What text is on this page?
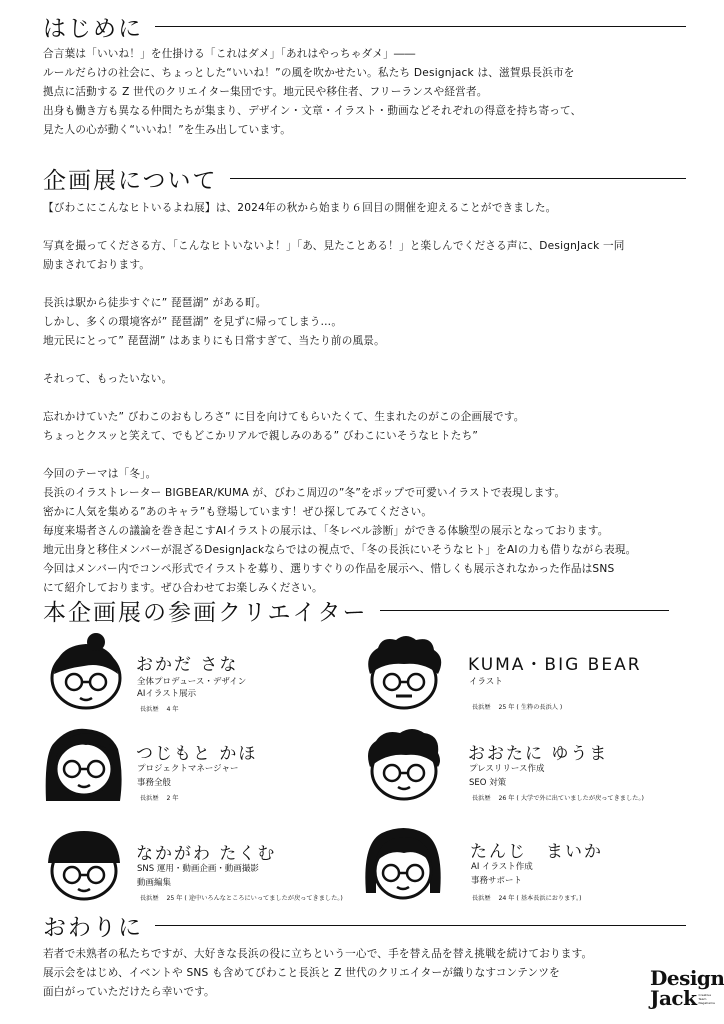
はじめに
合言葉は「いいね！」を仕掛ける「これはダメ」「あれはやっちゃダメ」――
ルールだらけの社会に、ちょっとした“いいね！”の風を吹かせたい。私たち Designjack は、滋賀県長浜市を
拠点に活動する Z 世代のクリエイター集団です。地元民や移住者、フリーランスや経営者。
出身も働き方も異なる仲間たちが集まり、デザイン・文章・イラスト・動画などそれぞれの得意を持ち寄って、
見た人の心が動く“いいね！”を生み出しています。
企画展について
【びわこにこんなヒトいるよね展】は、2024年の秋から始まり６回目の開催を迎えることができました。
写真を撮ってくださる方、「こんなヒトいないよ！」「あ、見たことある！」と楽しんでくださる声に、DesignJack 一同
励まされております。
長浜は駅から徒歩すぐに” 琵琶湖” がある町。
しかし、多くの環境客が” 琵琶湖” を見ずに帰ってしまう…。
地元民にとって” 琵琶湖” はあまりにも日常すぎて、当たり前の風景。
それって、もったいない。
忘れかけていた” びわこのおもしろさ” に目を向けてもらいたくて、生まれたのがこの企画展です。
ちょっとクスッと笑えて、でもどこかリアルで親しみのある” びわこにいそうなヒトたち”
今回のテーマは「冬」。
長浜のイラストレーター BIGBEAR/KUMA が、びわこ周辺の”冬”をポップで可愛いイラストで表現します。
密かに人気を集める”あのキャラ”も登場しています！ぜひ探してみてください。
毎度来場者さんの議論を巻き起こすAIイラストの展示は、「冬レベル診断」ができる体験型の展示となっております。
地元出身と移住メンバーが混ざるDesignJackならではの視点で、「冬の長浜にいそうなヒト」をAIの力も借りながら表現。
今回はメンバー内でコンペ形式でイラストを募り、選りすぐりの作品を展示へ、惜しくも展示されなかった作品はSNS
にて紹介しております。ぜひ合わせてお楽しみください。
本企画展の参画クリエイター
おかだ さな
全体プロデュース・デザイン
AIイラスト展示
長浜歴 4 年
KUMA・BIG BEAR
イラスト
長浜歴 25 年 ( 生粋の長浜人 )
つじもと かほ
プロジェクトマネージャー
事務全般
長浜歴 2 年
おおたに ゆうま
プレスリリース作成
SEO 対策
長浜歴 26 年 ( 大学で外に出ていましたが戻ってきました。)
なかがわ たくむ
SNS 運用・動画企画・動画撮影
動画編集
長浜歴 25 年 ( 途中いろんなところにいってましたが戻ってきました。)
たんじ　まいか
AI イラスト作成
事務サポート
長浜歴 24 年 ( 基本長浜におります。)
おわりに
若者で未熟者の私たちですが、大好きな長浜の役に立ちという一心で、手を替え品を替え挑戦を続けております。
展示会をはじめ、イベントや SNS も含めてびわこと長浜と Z 世代のクリエイターが織りなすコンテンツを
面白がっていただけたら幸いです。
Design
Jack Creative Team Nagahama
